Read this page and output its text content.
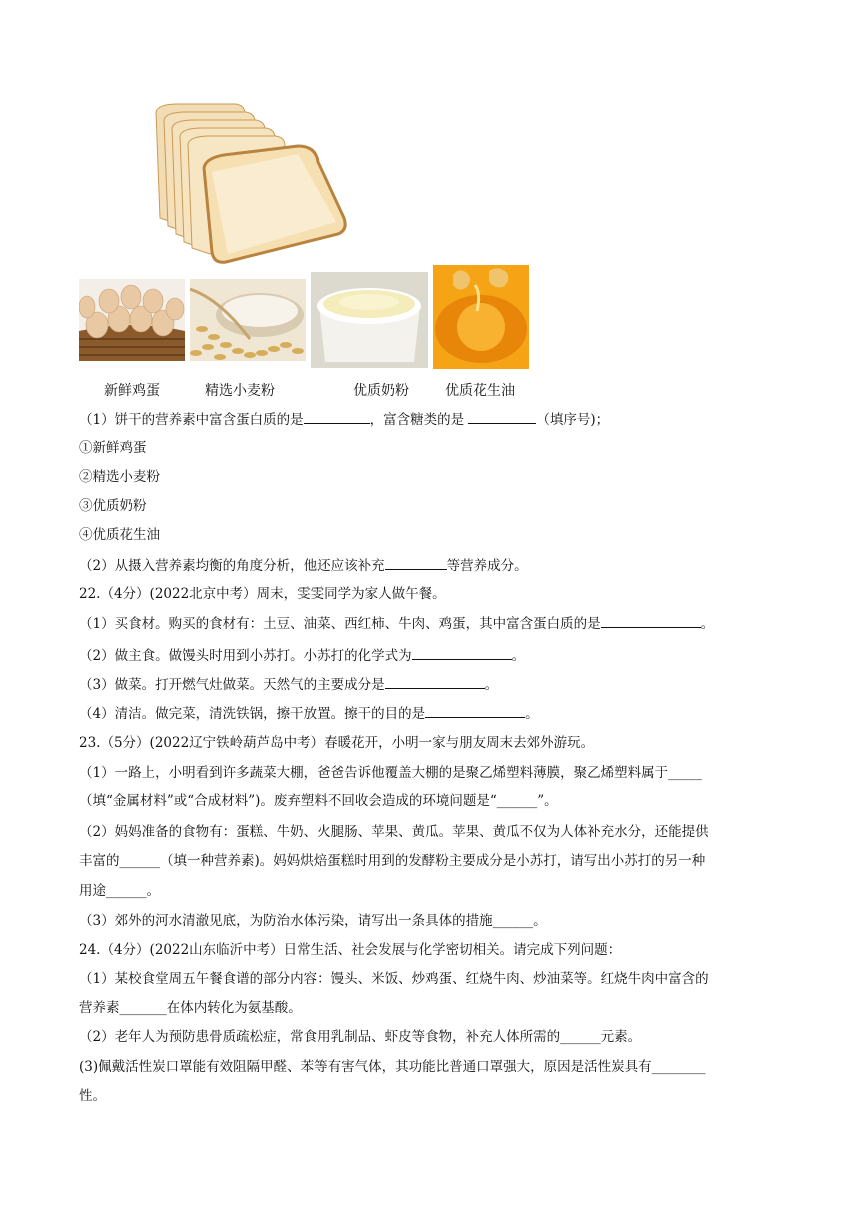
新鲜鸡蛋	精选小麦粉	优质奶粉	优质花生油
（1）饼干的营养素中富含蛋白质的是	，富含糖类的是	（填序号)；
①新鲜鸡蛋
②精选小麦粉
③优质奶粉
④优质花生油
（2）从摄入营养素均衡的角度分析，他还应该补充	等营养成分。
22.（4分）(2022北京中考）周末，雯雯同学为家人做午餐。
（1）买食材。购买的食材有：土豆、油菜、西红柿、牛肉、鸡蛋，其中富含蛋白质的是	。
（2）做主食。做馒头时用到小苏打。小苏打的化学式为	。
（3）做菜。打开燃气灶做菜。天然气的主要成分是	。
（4）清洁。做完菜，清洗铁锅，擦干放置。擦干的目的是	。
23.（5分）(2022辽宁铁岭葫芦岛中考）春暖花开，小明一家与朋友周末去郊外游玩。
（1）一路上，小明看到许多蔬菜大棚，爸爸告诉他覆盖大棚的是聚乙烯塑料薄膜，聚乙烯塑料属于_____
（填“金属材料”或“合成材料”)。废弃塑料不回收会造成的环境问题是“______”。
（2）妈妈准备的食物有：蛋糕、牛奶、火腿肠、苹果、黄瓜。苹果、黄瓜不仅为人体补充水分，还能提供
丰富的______（填一种营养素)。妈妈烘焙蛋糕时用到的发酵粉主要成分是小苏打，请写出小苏打的另一种
用途______。
（3）郊外的河水清澈见底，为防治水体污染，请写出一条具体的措施______。
24.（4分）(2022山东临沂中考）日常生活、社会发展与化学密切相关。请完成下列问题：
（1）某校食堂周五午餐食谱的部分内容：馒头、米饭、炒鸡蛋、红烧牛肉、炒油菜等。红烧牛肉中富含的
营养素_______在体内转化为氨基酸。
（2）老年人为预防患骨质疏松症，常食用乳制品、虾皮等食物，补充人体所需的______元素。
(3)佩戴活性炭口罩能有效阻隔甲醛、苯等有害气体，其功能比普通口罩强大，原因是活性炭具有________
性。
